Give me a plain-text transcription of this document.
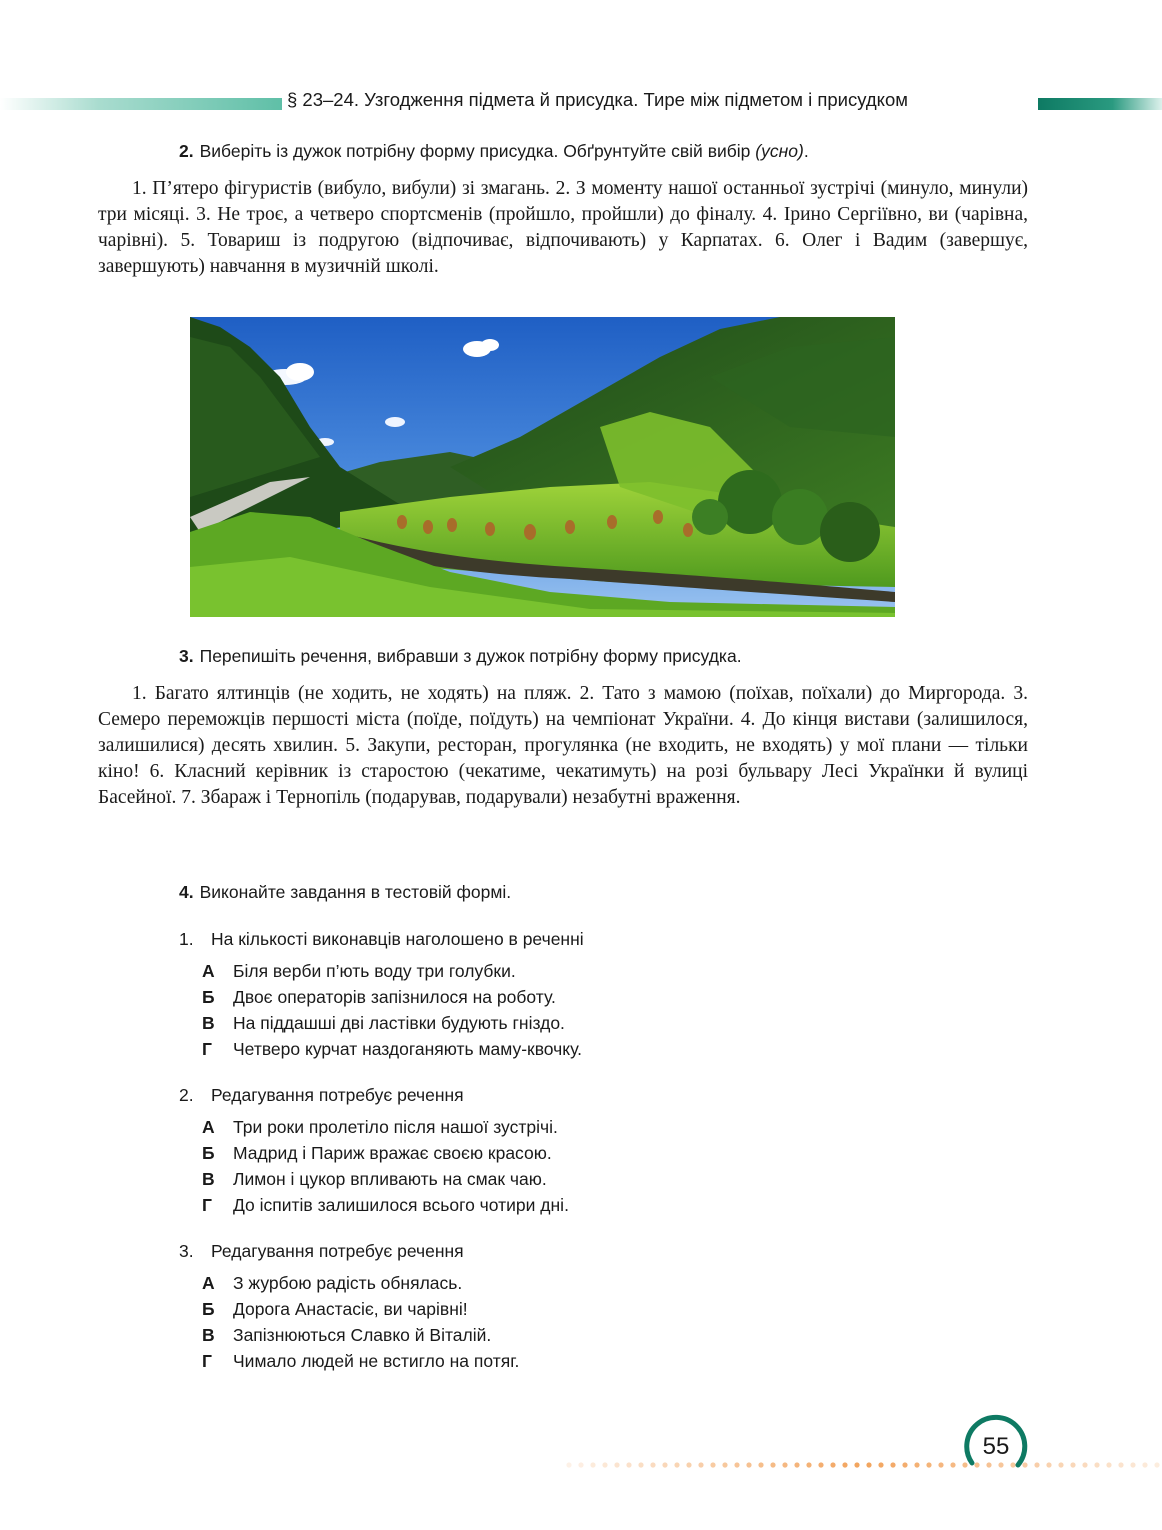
§ 23–24. Узгодження підмета й присудка. Тире між підметом і присудком
2. Виберіть із дужок потрібну форму присудка. Обґрунтуйте свій вибір (усно).
1. П’ятеро фігуристів (вибуло, вибули) зі змагань. 2. З моменту нашої останньої зустрічі (минуло, минули) три місяці. 3. Не троє, а четверо спортсменів (пройшло, пройшли) до фіналу. 4. Ірино Сергіївно, ви (чарівна, чарівні). 5. Товариш із подругою (відпочиває, відпочивають) у Карпатах. 6. Олег і Вадим (завершує, завершують) навчання в музичній школі.
3. Перепишіть речення, вибравши з дужок потрібну форму присудка.
1. Багато ялтинців (не ходить, не ходять) на пляж. 2. Тато з мамою (поїхав, поїхали) до Миргорода. 3. Семеро переможців першості міста (поїде, поїдуть) на чемпіонат України. 4. До кінця вистави (залишилося, залишилися) десять хвилин. 5. Закупи, ресторан, прогулянка (не входить, не входять) у мої плани — тільки кіно! 6. Класний керівник із старостою (чекатиме, чекатимуть) на розі бульвару Лесі Українки й вулиці Басейної. 7. Збараж і Тернопіль (подарував, подарували) незабутні враження.
4. Виконайте завдання в тестовій формі.
1. На кількості виконавців наголошено в реченні
А Біля верби п’ють воду три голубки.
Б Двоє операторів запізнилося на роботу.
В На піддашші дві ластівки будують гніздо.
Г Четверо курчат наздоганяють маму-квочку.
2. Редагування потребує речення
А Три роки пролетіло після нашої зустрічі.
Б Мадрид і Париж вражає своєю красою.
В Лимон і цукор впливають на смак чаю.
Г До іспитів залишилося всього чотири дні.
3. Редагування потребує речення
А З журбою радість обнялась.
Б Дорога Анастасіє, ви чарівні!
В Запізнюються Славко й Віталій.
Г Чимало людей не встигло на потяг.
55
